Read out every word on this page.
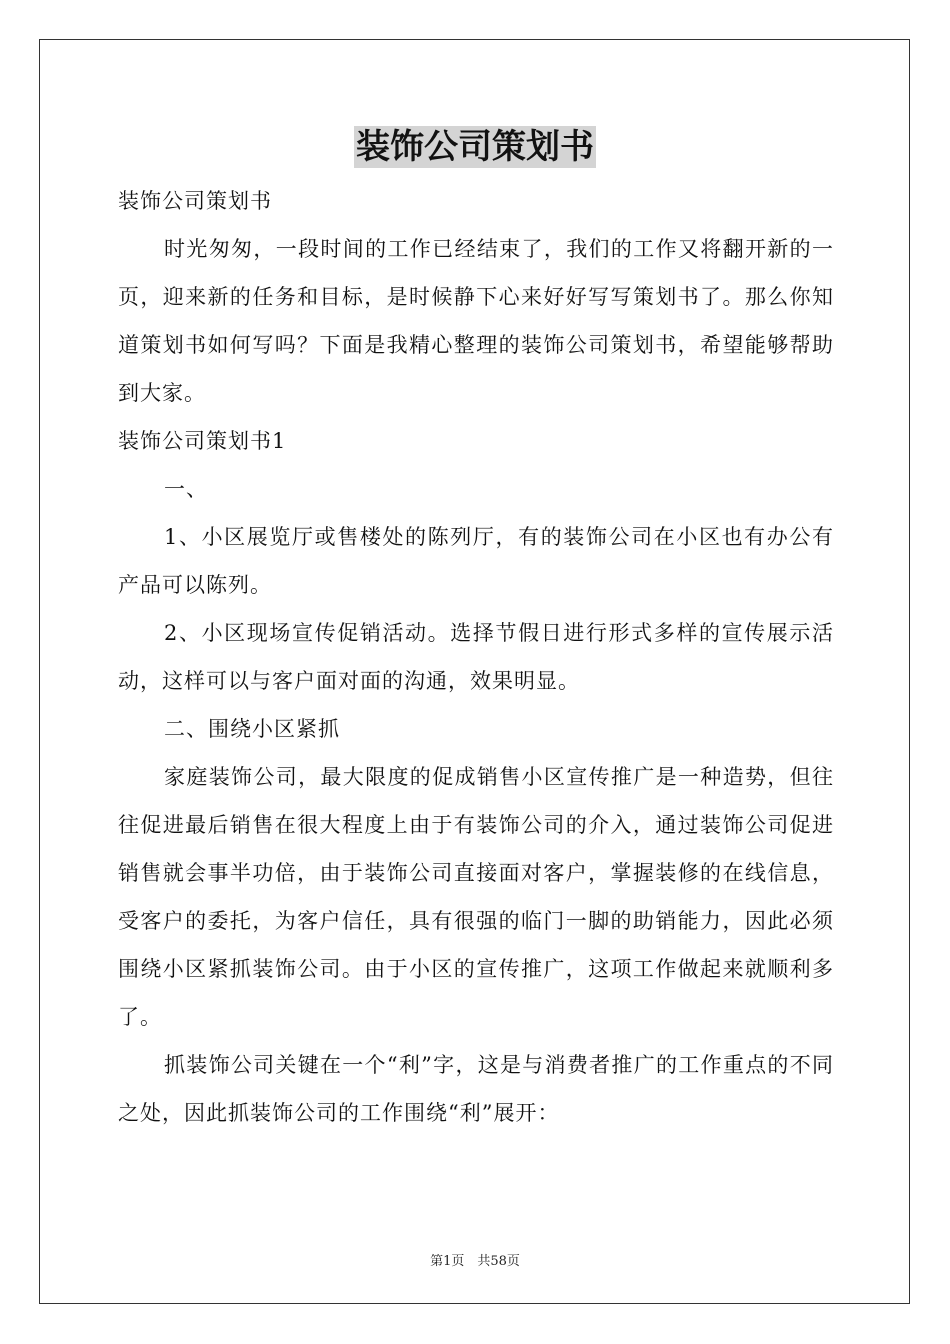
装饰公司策划书

装饰公司策划书

时光匆匆，一段时间的工作已经结束了，我们的工作又将翻开新的一页，迎来新的任务和目标，是时候静下心来好好写写策划书了。那么你知道策划书如何写吗？下面是我精心整理的装饰公司策划书，希望能够帮助到大家。

装饰公司策划书1

一、

1、小区展览厅或售楼处的陈列厅，有的装饰公司在小区也有办公有产品可以陈列。

2、小区现场宣传促销活动。选择节假日进行形式多样的宣传展示活动，这样可以与客户面对面的沟通，效果明显。

二、围绕小区紧抓

家庭装饰公司，最大限度的促成销售小区宣传推广是一种造势，但往往促进最后销售在很大程度上由于有装饰公司的介入，通过装饰公司促进销售就会事半功倍，由于装饰公司直接面对客户，掌握装修的在线信息，受客户的委托，为客户信任，具有很强的临门一脚的助销能力，因此必须围绕小区紧抓装饰公司。由于小区的宣传推广，这项工作做起来就顺利多了。

抓装饰公司关键在一个“利”字，这是与消费者推广的工作重点的不同之处，因此抓装饰公司的工作围绕“利”展开：

第1页　共58页
